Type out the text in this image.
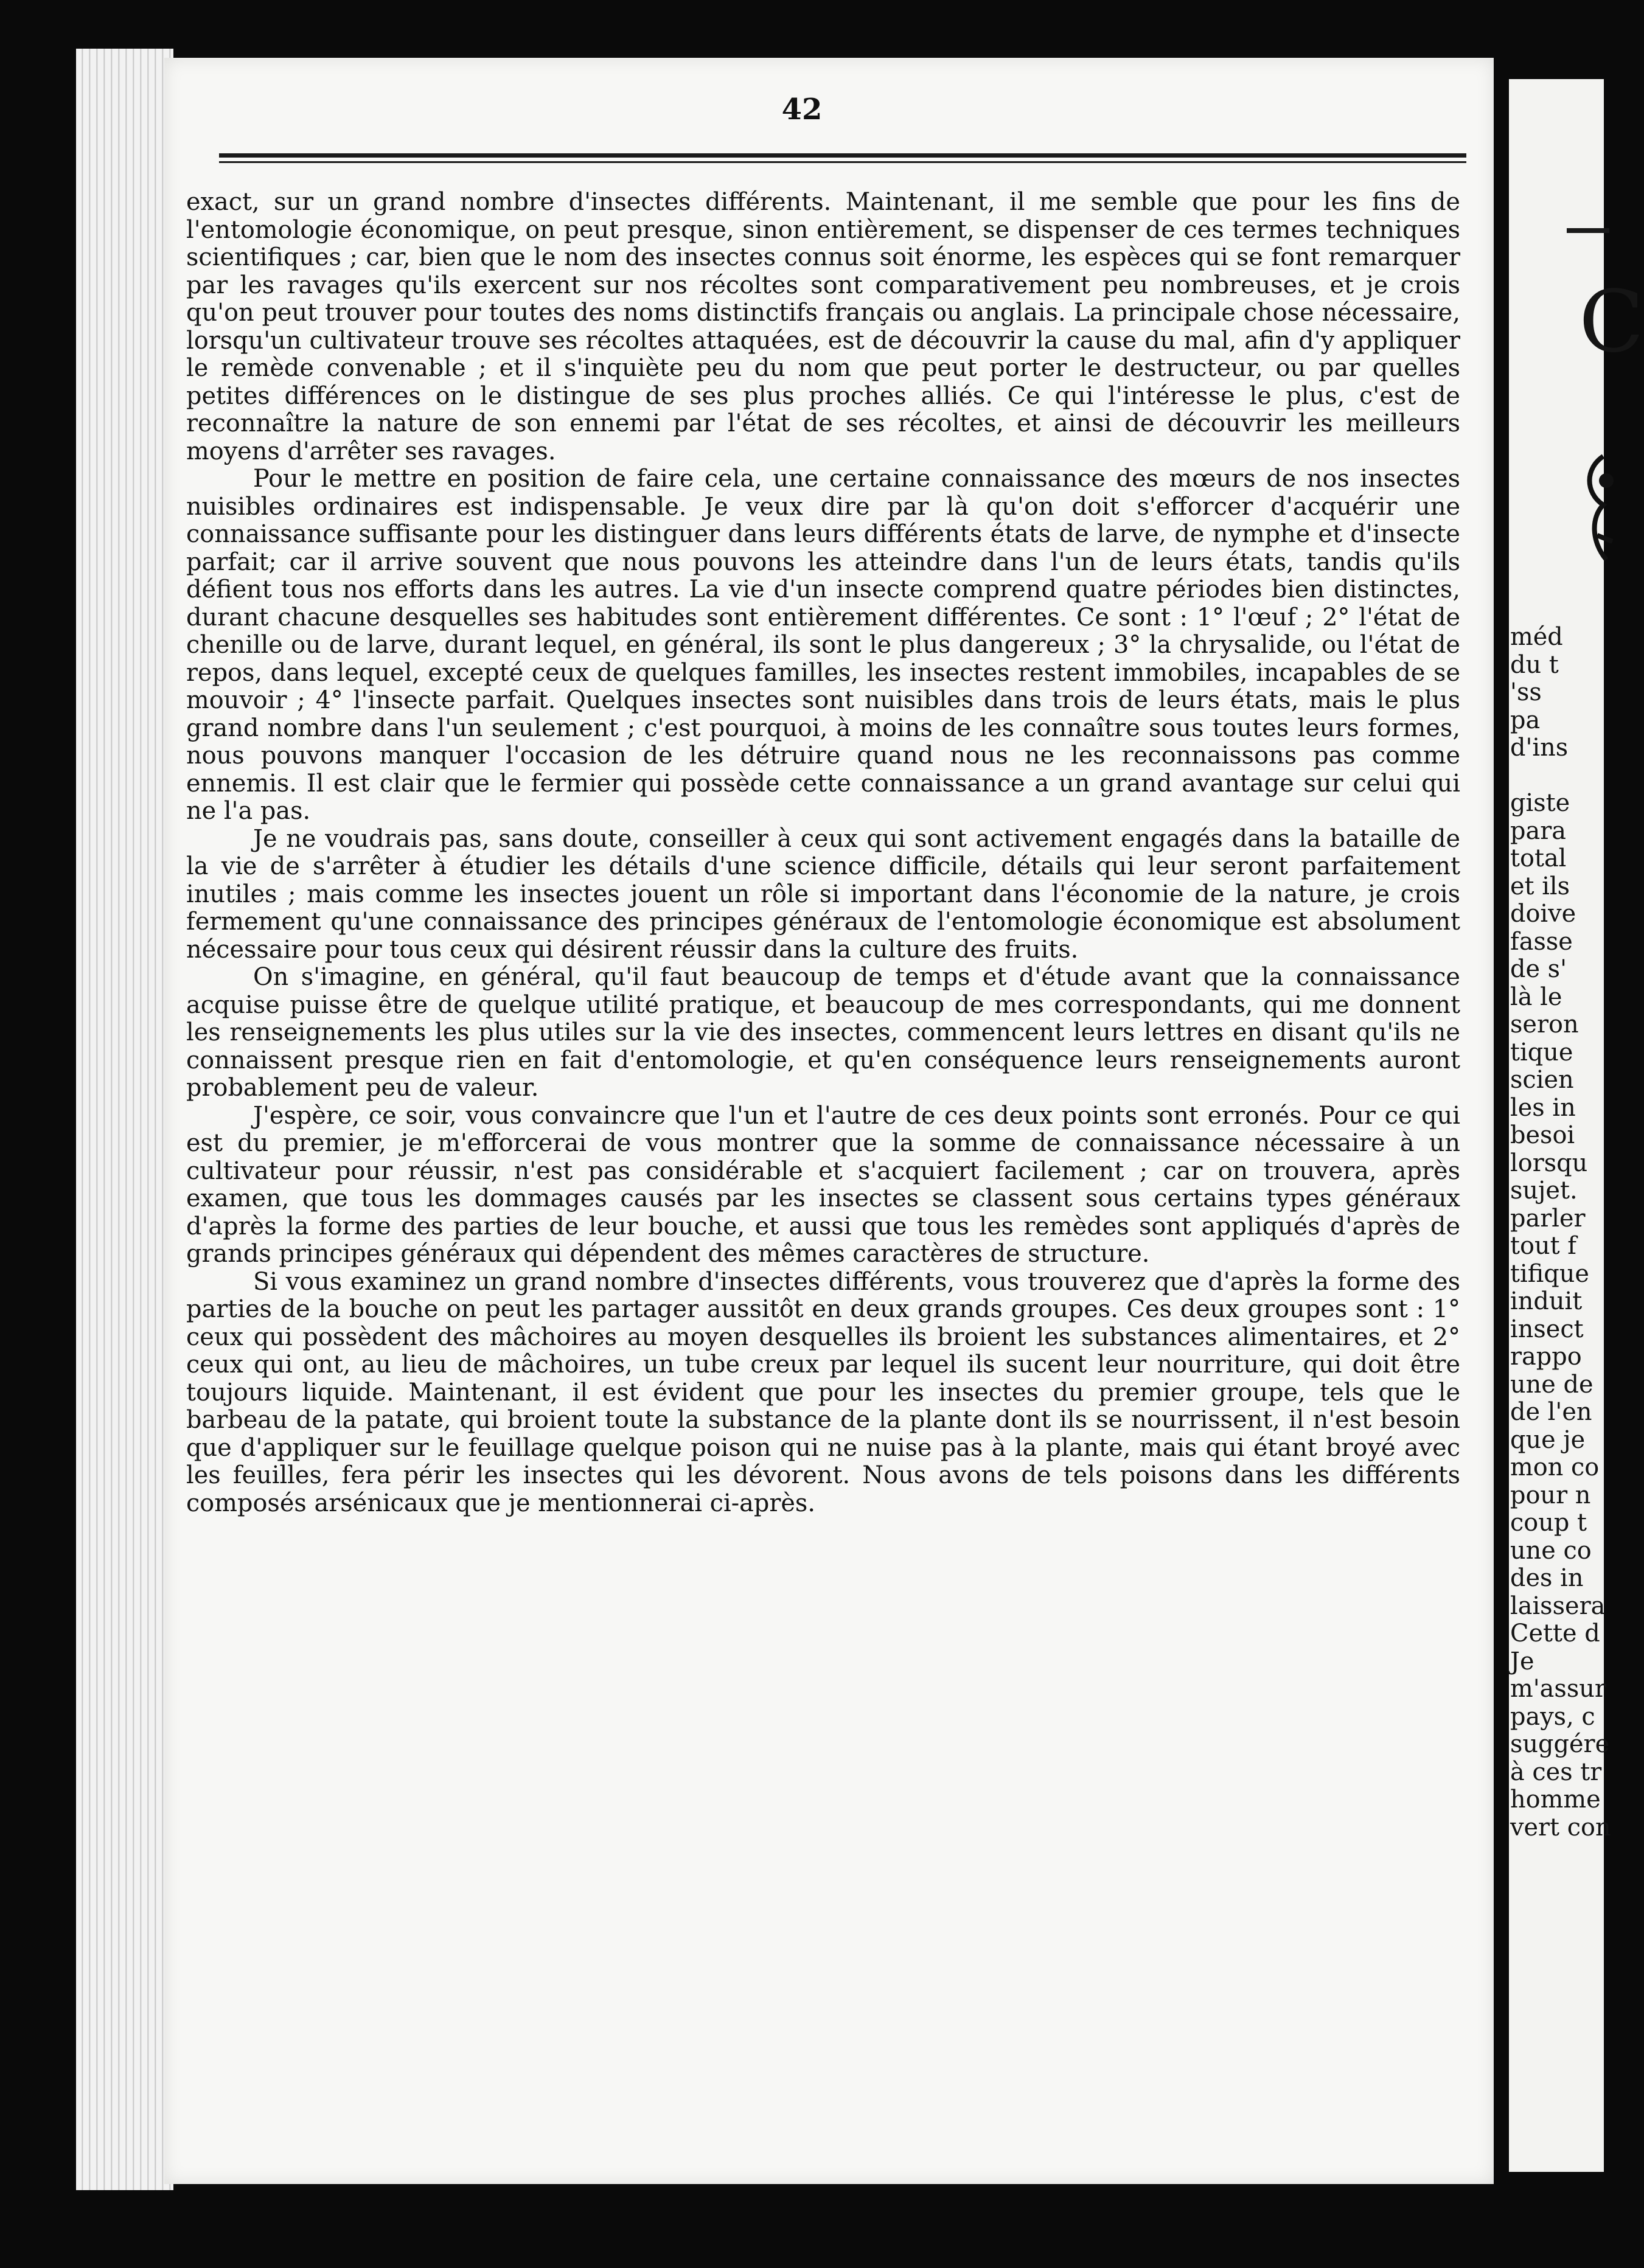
42

exact, sur un grand nombre d'insectes différents. Maintenant, il me semble que pour les fins de l'entomologie économique, on peut presque, sinon entièrement, se dispenser de ces termes techniques scientifiques ; car, bien que le nom des insectes connus soit énorme, les espèces qui se font remarquer par les ravages qu'ils exercent sur nos récoltes sont comparativement peu nombreuses, et je crois qu'on peut trouver pour toutes des noms distinctifs français ou anglais. La principale chose nécessaire, lorsqu'un cultivateur trouve ses récoltes attaquées, est de découvrir la cause du mal, afin d'y appliquer le remède convenable ; et il s'inquiète peu du nom que peut porter le destructeur, ou par quelles petites différences on le distingue de ses plus proches alliés. Ce qui l'intéresse le plus, c'est de reconnaître la nature de son ennemi par l'état de ses récoltes, et ainsi de découvrir les meilleurs moyens d'arrêter ses ravages.

Pour le mettre en position de faire cela, une certaine connaissance des mœurs de nos insectes nuisibles ordinaires est indispensable. Je veux dire par là qu'on doit s'efforcer d'acquérir une connaissance suffisante pour les distinguer dans leurs différents états de larve, de nymphe et d'insecte parfait; car il arrive souvent que nous pouvons les atteindre dans l'un de leurs états, tandis qu'ils défient tous nos efforts dans les autres. La vie d'un insecte comprend quatre périodes bien distinctes, durant chacune desquelles ses habitudes sont entièrement différentes. Ce sont : 1° l'œuf ; 2° l'état de chenille ou de larve, durant lequel, en général, ils sont le plus dangereux ; 3° la chrysalide, ou l'état de repos, dans lequel, excepté ceux de quelques familles, les insectes restent immobiles, incapables de se mouvoir ; 4° l'insecte parfait. Quelques insectes sont nuisibles dans trois de leurs états, mais le plus grand nombre dans l'un seulement ; c'est pourquoi, à moins de les connaître sous toutes leurs formes, nous pouvons manquer l'occasion de les détruire quand nous ne les reconnaissons pas comme ennemis. Il est clair que le fermier qui possède cette connaissance a un grand avantage sur celui qui ne l'a pas.

Je ne voudrais pas, sans doute, conseiller à ceux qui sont activement engagés dans la bataille de la vie de s'arrêter à étudier les détails d'une science difficile, détails qui leur seront parfaitement inutiles ; mais comme les insectes jouent un rôle si important dans l'économie de la nature, je crois fermement qu'une connaissance des principes généraux de l'entomologie économique est absolument nécessaire pour tous ceux qui désirent réussir dans la culture des fruits.

On s'imagine, en général, qu'il faut beaucoup de temps et d'étude avant que la connaissance acquise puisse être de quelque utilité pratique, et beaucoup de mes correspondants, qui me donnent les renseignements les plus utiles sur la vie des insectes, commencent leurs lettres en disant qu'ils ne connaissent presque rien en fait d'entomologie, et qu'en conséquence leurs renseignements auront probablement peu de valeur.

J'espère, ce soir, vous convaincre que l'un et l'autre de ces deux points sont erronés. Pour ce qui est du premier, je m'efforcerai de vous montrer que la somme de connaissance nécessaire à un cultivateur pour réussir, n'est pas considérable et s'acquiert facilement ; car on trouvera, après examen, que tous les dommages causés par les insectes se classent sous certains types généraux d'après la forme des parties de leur bouche, et aussi que tous les remèdes sont appliqués d'après de grands principes généraux qui dépendent des mêmes caractères de structure.

Si vous examinez un grand nombre d'insectes différents, vous trouverez que d'après la forme des parties de la bouche on peut les partager aussitôt en deux grands groupes. Ces deux groupes sont : 1° ceux qui possèdent des mâchoires au moyen desquelles ils broient les substances alimentaires, et 2° ceux qui ont, au lieu de mâchoires, un tube creux par lequel ils sucent leur nourriture, qui doit être toujours liquide. Maintenant, il est évident que pour les insectes du premier groupe, tels que le barbeau de la patate, qui broient toute la substance de la plante dont ils se nourrissent, il n'est besoin que d'appliquer sur le feuillage quelque poison qui ne nuise pas à la plante, mais qui étant broyé avec les feuilles, fera périr les insectes qui les dévorent. Nous avons de tels poisons dans les différents composés arsénicaux que je mentionnerai ci-après.

C
méd
du t
'ss
pa
d'ins
giste
para
total
et ils
doive
fasse
de s'
là le
seron
tique
scien
les in
besoi
lorsqu
sujet.
parler
tout f
tifique
induit
insect
rappo
une de
de l'en
que je
mon co
pour n
coup t
une co
des in
laissera
Cette d
Je
m'assur
pays, c
suggére
à ces tr
homme
vert con
